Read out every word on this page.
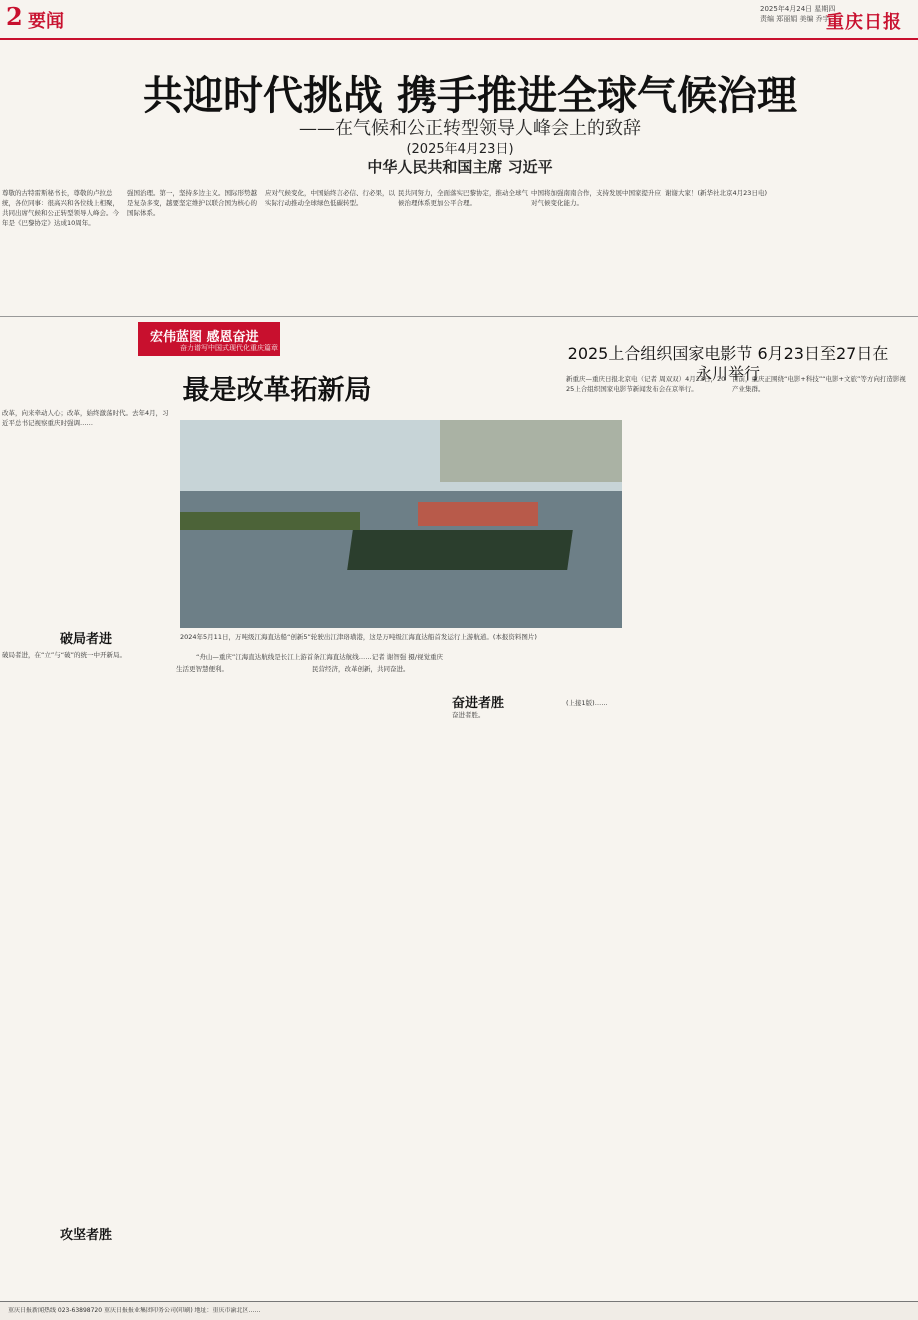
2 要闻
2025年4月24日 星期四
责编 郑丽娟 美编 乔宇
重庆日报
共迎时代挑战 携手推进全球气候治理
——在气候和公正转型领导人峰会上的致辞
(2025年4月23日)
中华人民共和国主席 习近平
尊敬的古特雷斯秘书长，尊敬的卢拉总统，各位同事：很高兴和各位线上相聚，共同出席气候和公正转型领导人峰会。今年是《巴黎协定》达成10周年。
强国治理。第一，坚持多边主义。国际形势越是复杂多变，越要坚定维护以联合国为核心的国际体系。
应对气候变化，中国始终言必信、行必果，以实际行动推动全球绿色低碳转型。
民共同努力，全面落实巴黎协定，推动全球气候治理体系更加公平合理。
中国将加强南南合作，支持发展中国家提升应对气候变化能力。
谢谢大家！(新华社北京4月23日电)
宏伟蓝图 感恩奋进
奋力谱写中国式现代化重庆篇章
最是改革拓新局
2025上合组织国家电影节 6月23日至27日在永川举行
2024年5月11日，万吨级江海直达船“创新5”轮驶出江津珞璜港，这是万吨级江海直达船首发运行上游航道。(本报资料图片)
“舟山—重庆”江海直达航线是长江上游首条江海直达航线……记者 谢智强 摄/视觉重庆
破局者进
奋进者胜
攻坚者胜
改革，向来牵动人心；改革，始终激荡时代。去年4月，习近平总书记视察重庆时强调……
破局者进，在“立”与“破”的统一中开新局。
生活更智慧便利。	民营经济，改革创新，共同奋进。
奋进者胜。
新重庆—重庆日报北京电（记者 周双双）4月23日，2025上合组织国家电影节新闻发布会在京举行。
目前，重庆正围绕“电影+科技”“电影+文旅”等方向打造影视产业集群。
(上接1版)……
重庆日报新闻热线 023-63898720 重庆日报报业集团印务公司(印刷) 地址：重庆市渝北区……
